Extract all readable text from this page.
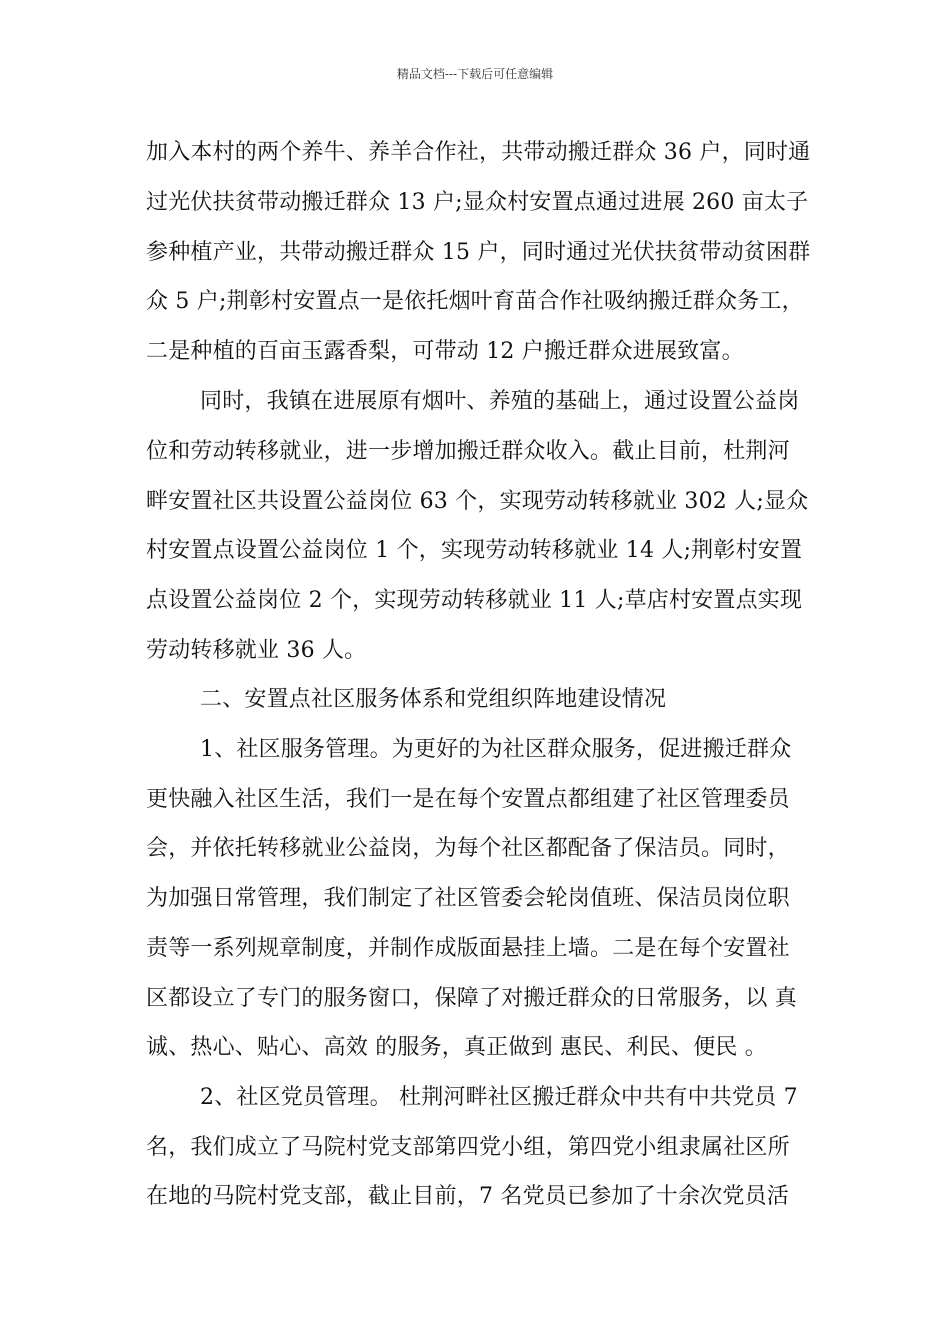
精品文档---下载后可任意编辑
加入本村的两个养牛、养羊合作社，共带动搬迁群众 36 户，同时通
过光伏扶贫带动搬迁群众 13 户;显众村安置点通过进展 260 亩太子
参种植产业，共带动搬迁群众 15 户，同时通过光伏扶贫带动贫困群
众 5 户;荆彰村安置点一是依托烟叶育苗合作社吸纳搬迁群众务工，
二是种植的百亩玉露香梨，可带动 12 户搬迁群众进展致富。
同时，我镇在进展原有烟叶、养殖的基础上，通过设置公益岗
位和劳动转移就业，进一步增加搬迁群众收入。截止目前，杜荆河
畔安置社区共设置公益岗位 63 个，实现劳动转移就业 302 人;显众
村安置点设置公益岗位 1 个，实现劳动转移就业 14 人;荆彰村安置
点设置公益岗位 2 个，实现劳动转移就业 11 人;草店村安置点实现
劳动转移就业 36 人。
二、安置点社区服务体系和党组织阵地建设情况
1、社区服务管理。为更好的为社区群众服务，促进搬迁群众
更快融入社区生活，我们一是在每个安置点都组建了社区管理委员
会，并依托转移就业公益岗，为每个社区都配备了保洁员。同时，
为加强日常管理，我们制定了社区管委会轮岗值班、保洁员岗位职
责等一系列规章制度，并制作成版面悬挂上墙。二是在每个安置社
区都设立了专门的服务窗口，保障了对搬迁群众的日常服务，以 真
诚、热心、贴心、高效 的服务，真正做到 惠民、利民、便民 。
2、社区党员管理。 杜荆河畔社区搬迁群众中共有中共党员 7
名，我们成立了马院村党支部第四党小组，第四党小组隶属社区所
在地的马院村党支部，截止目前，7 名党员已参加了十余次党员活
